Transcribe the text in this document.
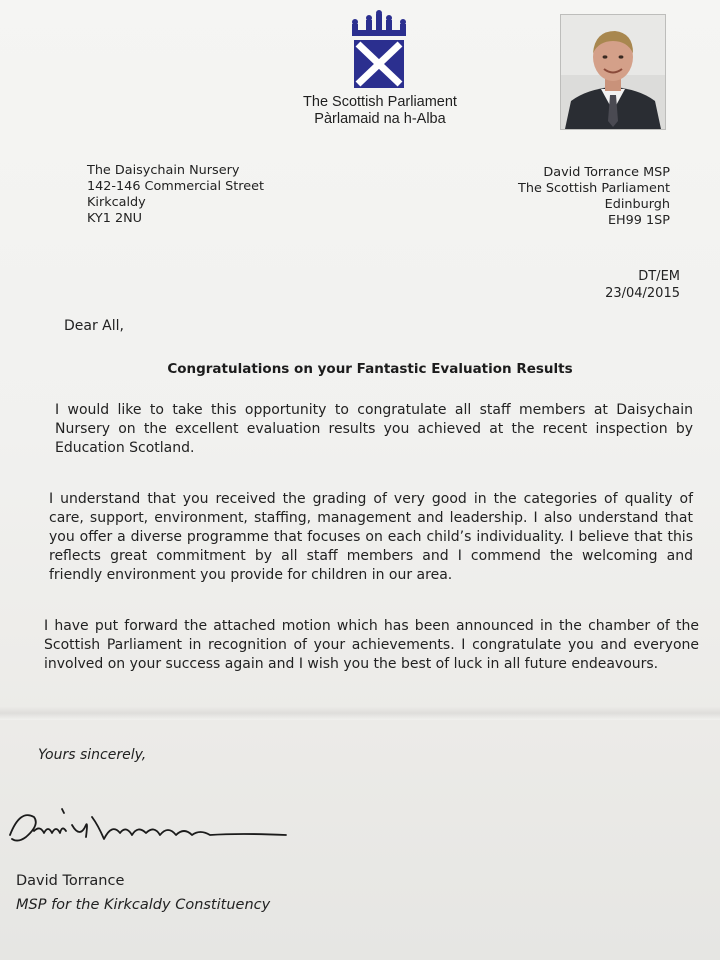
The Scottish Parliament
Pàrlamaid na h-Alba
The Daisychain Nursery
142-146 Commercial Street
Kirkcaldy
KY1 2NU
David Torrance MSP
The Scottish Parliament
Edinburgh
EH99 1SP
DT/EM
23/04/2015
Dear All,
Congratulations on your Fantastic Evaluation Results
I would like to take this opportunity to congratulate all staff members at Daisychain Nursery on the excellent evaluation results you achieved at the recent inspection by Education Scotland.
I understand that you received the grading of very good in the categories of quality of care, support, environment, staffing, management and leadership. I also understand that you offer a diverse programme that focuses on each child’s individuality. I believe that this reflects great commitment by all staff members and I commend the welcoming and friendly environment you provide for children in our area.
I have put forward the attached motion which has been announced in the chamber of the Scottish Parliament in recognition of your achievements. I congratulate you and everyone involved on your success again and I wish you the best of luck in all future endeavours.
Yours sincerely,
David Torrance
MSP for the Kirkcaldy Constituency
